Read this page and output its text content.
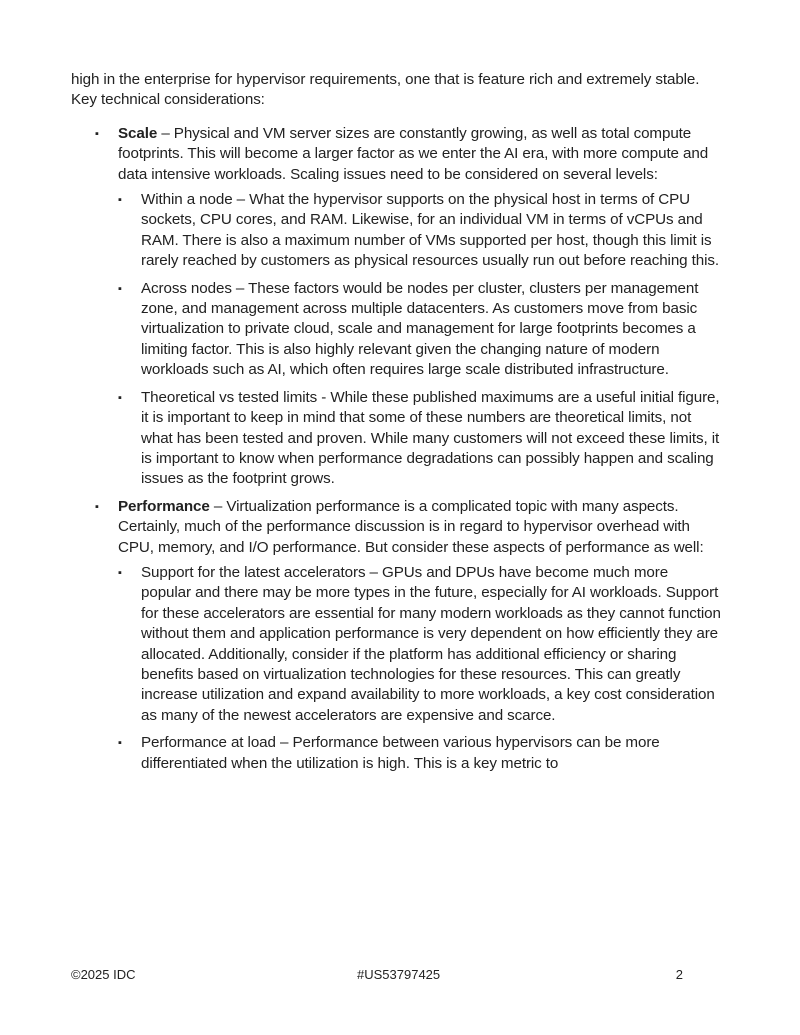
high in the enterprise for hypervisor requirements, one that is feature rich and extremely stable. Key technical considerations:

▪
Scale – Physical and VM server sizes are constantly growing, as well as total compute footprints. This will become a larger factor as we enter the AI era, with more compute and data intensive workloads. Scaling issues need to be considered on several levels:
▪
Within a node – What the hypervisor supports on the physical host in terms of CPU sockets, CPU cores, and RAM. Likewise, for an individual VM in terms of vCPUs and RAM. There is also a maximum number of VMs supported per host, though this limit is rarely reached by customers as physical resources usually run out before reaching this.
▪
Across nodes – These factors would be nodes per cluster, clusters per management zone, and management across multiple datacenters. As customers move from basic virtualization to private cloud, scale and management for large footprints becomes a limiting factor. This is also highly relevant given the changing nature of modern workloads such as AI, which often requires large scale distributed infrastructure.
▪
Theoretical vs tested limits - While these published maximums are a useful initial figure, it is important to keep in mind that some of these numbers are theoretical limits, not what has been tested and proven. While many customers will not exceed these limits, it is important to know when performance degradations can possibly happen and scaling issues as the footprint grows.
▪
Performance – Virtualization performance is a complicated topic with many aspects. Certainly, much of the performance discussion is in regard to hypervisor overhead with CPU, memory, and I/O performance. But consider these aspects of performance as well:
▪
Support for the latest accelerators – GPUs and DPUs have become much more popular and there may be more types in the future, especially for AI workloads. Support for these accelerators are essential for many modern workloads as they cannot function without them and application performance is very dependent on how efficiently they are allocated. Additionally, consider if the platform has additional efficiency or sharing benefits based on virtualization technologies for these resources. This can greatly increase utilization and expand availability to more workloads, a key cost consideration as many of the newest accelerators are expensive and scarce.
▪
Performance at load – Performance between various hypervisors can be more differentiated when the utilization is high. This is a key metric to
©2025 IDC	#US53797425	2
